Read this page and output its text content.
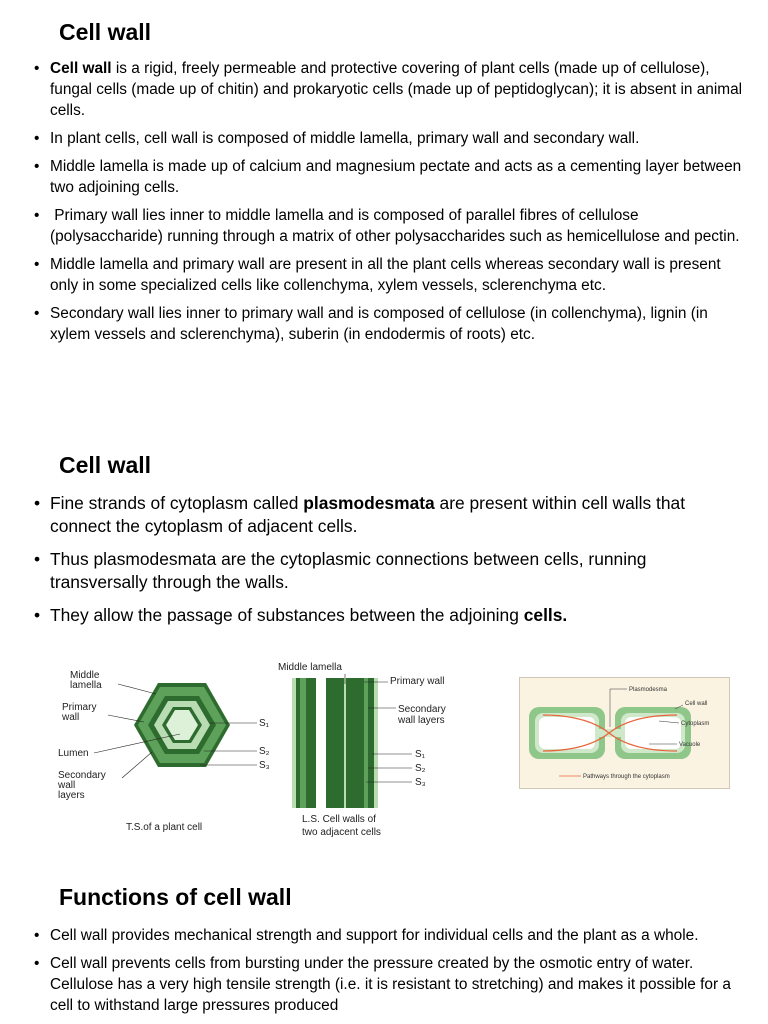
Cell wall
• Cell wall is a rigid, freely permeable and protective covering of plant cells (made up of cellulose), fungal cells (made up of chitin) and prokaryotic cells (made up of peptidoglycan); it is absent in animal cells.
• In plant cells, cell wall is composed of middle lamella, primary wall and secondary wall.
• Middle lamella is made up of calcium and magnesium pectate and acts as a cementing layer between two adjoining cells.
•  Primary wall lies inner to middle lamella and is composed of parallel fibres of cellulose (polysaccharide) running through a matrix of other polysaccharides such as hemicellulose and pectin.
• Middle lamella and primary wall are present in all the plant cells whereas secondary wall is present only in some specialized cells like collenchyma, xylem vessels, sclerenchyma etc.
• Secondary wall lies inner to primary wall and is composed of cellulose (in collenchyma), lignin (in xylem vessels and sclerenchyma), suberin (in endodermis of roots) etc.
Cell wall
• Fine strands of cytoplasm called plasmodesmata are present within cell walls that connect the cytoplasm of adjacent cells.
• Thus plasmodesmata are the cytoplasmic connections between cells, running transversally through the walls.
• They allow the passage of substances between the adjoining cells.
Middle
lamella
Primary
wall
Lumen
Secondary
wall
layers
S₁
S₂
S₃
T.S.of a plant cell
Middle lamella
Primary wall
Secondary
wall layers
S₁
S₂
S₃
L.S. Cell walls of
two adjacent cells
Plasmodesma
Cell wall
Cytoplasm
Vacuole
Pathways through the cytoplasm
Functions of cell wall
• Cell wall provides mechanical strength and support for individual cells and the plant as a whole.
• Cell wall prevents cells from bursting under the pressure created by the osmotic entry of water. Cellulose has a very high tensile strength (i.e. it is resistant to stretching) and makes it possible for a cell to withstand large pressures produced
